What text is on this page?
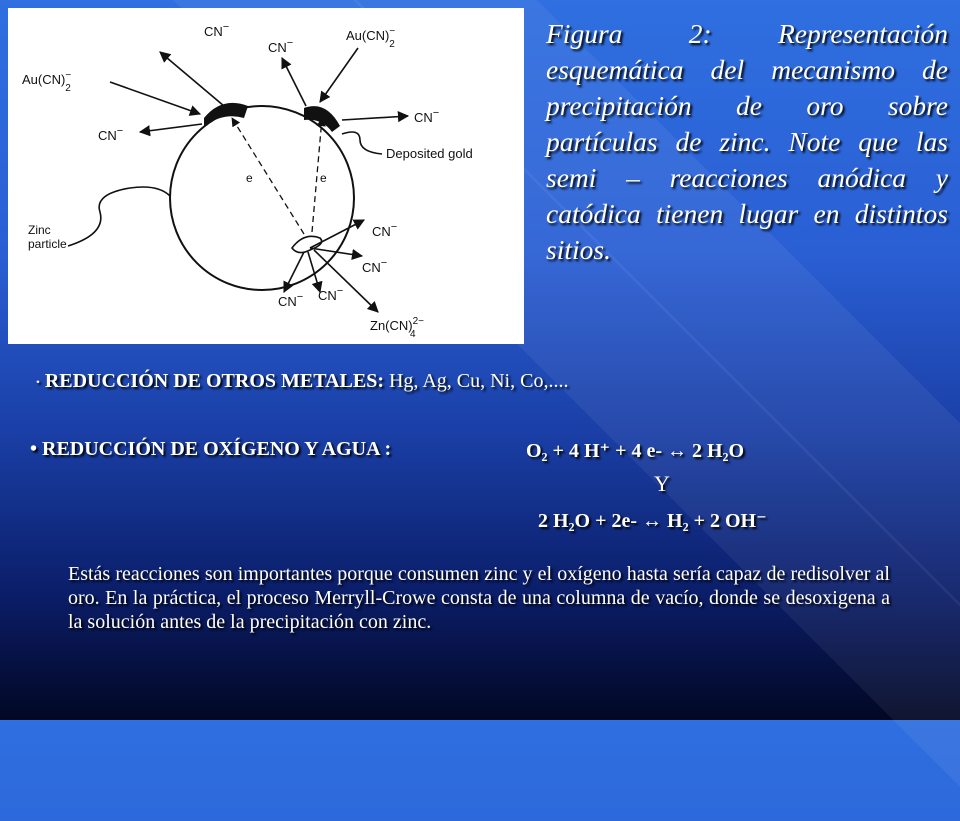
CN−
CN−	Au(CN)− 2
Au(CN)− 2
CN−
CN−
Deposited gold
e	e
Zinc
particle
CN−
CN−
CN− CN−
Zn(CN)$^{2-}$ 4
Figura 2: Representación esquemática del mecanismo de precipitación de oro sobre partículas de zinc. Note que las semi – reacciones anódica y catódica tienen lugar en distintos sitios.
• REDUCCIÓN DE OTROS METALES: Hg, Ag, Cu, Ni, Co,....
• REDUCCIÓN DE OXÍGENO Y AGUA :	O₂ + 4 H⁺ + 4 e- ↔ 2 H₂O
Y
2 H₂O + 2e- ↔ H₂ + 2 OH⁻
Estás reacciones son importantes porque consumen zinc y el oxígeno hasta sería capaz de redisolver al oro. En la práctica, el proceso Merryll-Crowe consta de una columna de vacío, donde se desoxigena a la solución antes de la precipitación con zinc.
